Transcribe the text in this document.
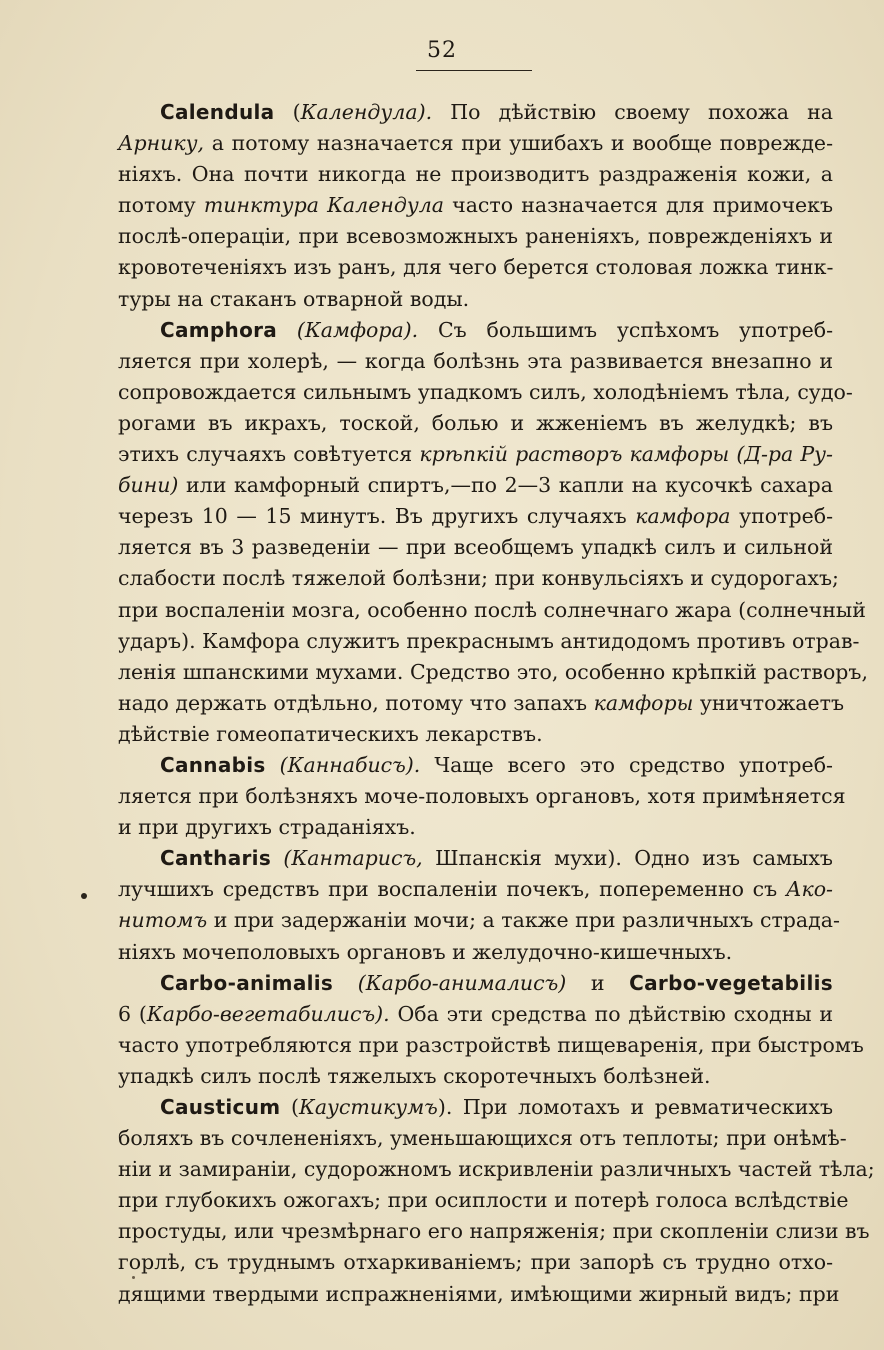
52
Calendula (Календула). По дѣйствію своему похожа на
Арнику, а потому назначается при ушибахъ и вообще поврежде-
ніяхъ. Она почти никогда не производитъ раздраженія кожи, а
потому тинктура Календула часто назначается для примочекъ
послѣ-операціи, при всевозможныхъ раненіяхъ, поврежденіяхъ и
кровотеченіяхъ изъ ранъ, для чего берется столовая ложка тинк-
туры на стаканъ отварной воды.
Camphora (Камфора). Съ большимъ успѣхомъ употреб-
ляется при холерѣ, — когда болѣзнь эта развивается внезапно и
сопровождается сильнымъ упадкомъ силъ, холодѣніемъ тѣла, судо-
рогами въ икрахъ, тоской, болью и жженіемъ въ желудкѣ; въ
этихъ случаяхъ совѣтуется крѣпкій растворъ камфоры (Д-ра Ру-
бини) или камфорный спиртъ,—по 2—3 капли на кусочкѣ сахара
черезъ 10 — 15 минутъ. Въ другихъ случаяхъ камфора употреб-
ляется въ 3 разведеніи — при всеобщемъ упадкѣ силъ и сильной
слабости послѣ тяжелой болѣзни; при конвульсіяхъ и судорогахъ;
при воспаленіи мозга, особенно послѣ солнечнаго жара (солнечный
ударъ). Камфора служитъ прекраснымъ антидодомъ противъ отрав-
ленія шпанскими мухами. Средство это, особенно крѣпкій растворъ,
надо держать отдѣльно, потому что запахъ камфоры уничтожаетъ
дѣйствіе гомеопатическихъ лекарствъ.
Cannabis (Каннабисъ). Чаще всего это средство употреб-
ляется при болѣзняхъ моче-половыхъ органовъ, хотя примѣняется
и при другихъ страданіяхъ.
Cantharis (Кантарисъ, Шпанскія мухи). Одно изъ самыхъ
лучшихъ средствъ при воспаленіи почекъ, попеременно съ Ако-
нитомъ и при задержаніи мочи; а также при различныхъ страда-
ніяхъ мочеполовыхъ органовъ и желудочно-кишечныхъ.
Carbo-animalis (Карбо-анималисъ) и Carbo-vegetabilis
6 (Карбо-вегетабилисъ). Оба эти средства по дѣйствію сходны и
часто употребляются при разстройствѣ пищеваренія, при быстромъ
упадкѣ силъ послѣ тяжелыхъ скоротечныхъ болѣзней.
Causticum (Каустикумъ). При ломотахъ и ревматическихъ
боляхъ въ сочлененіяхъ, уменьшающихся отъ теплоты; при онѣмѣ-
ніи и замираніи, судорожномъ искривленіи различныхъ частей тѣла;
при глубокихъ ожогахъ; при осиплости и потерѣ голоса вслѣдствіе
простуды, или чрезмѣрнаго его напряженія; при скопленіи слизи въ
горлѣ, съ труднымъ отхаркиваніемъ; при запорѣ съ трудно отхо-
дящими твердыми испражненіями, имѣющими жирный видъ; при
